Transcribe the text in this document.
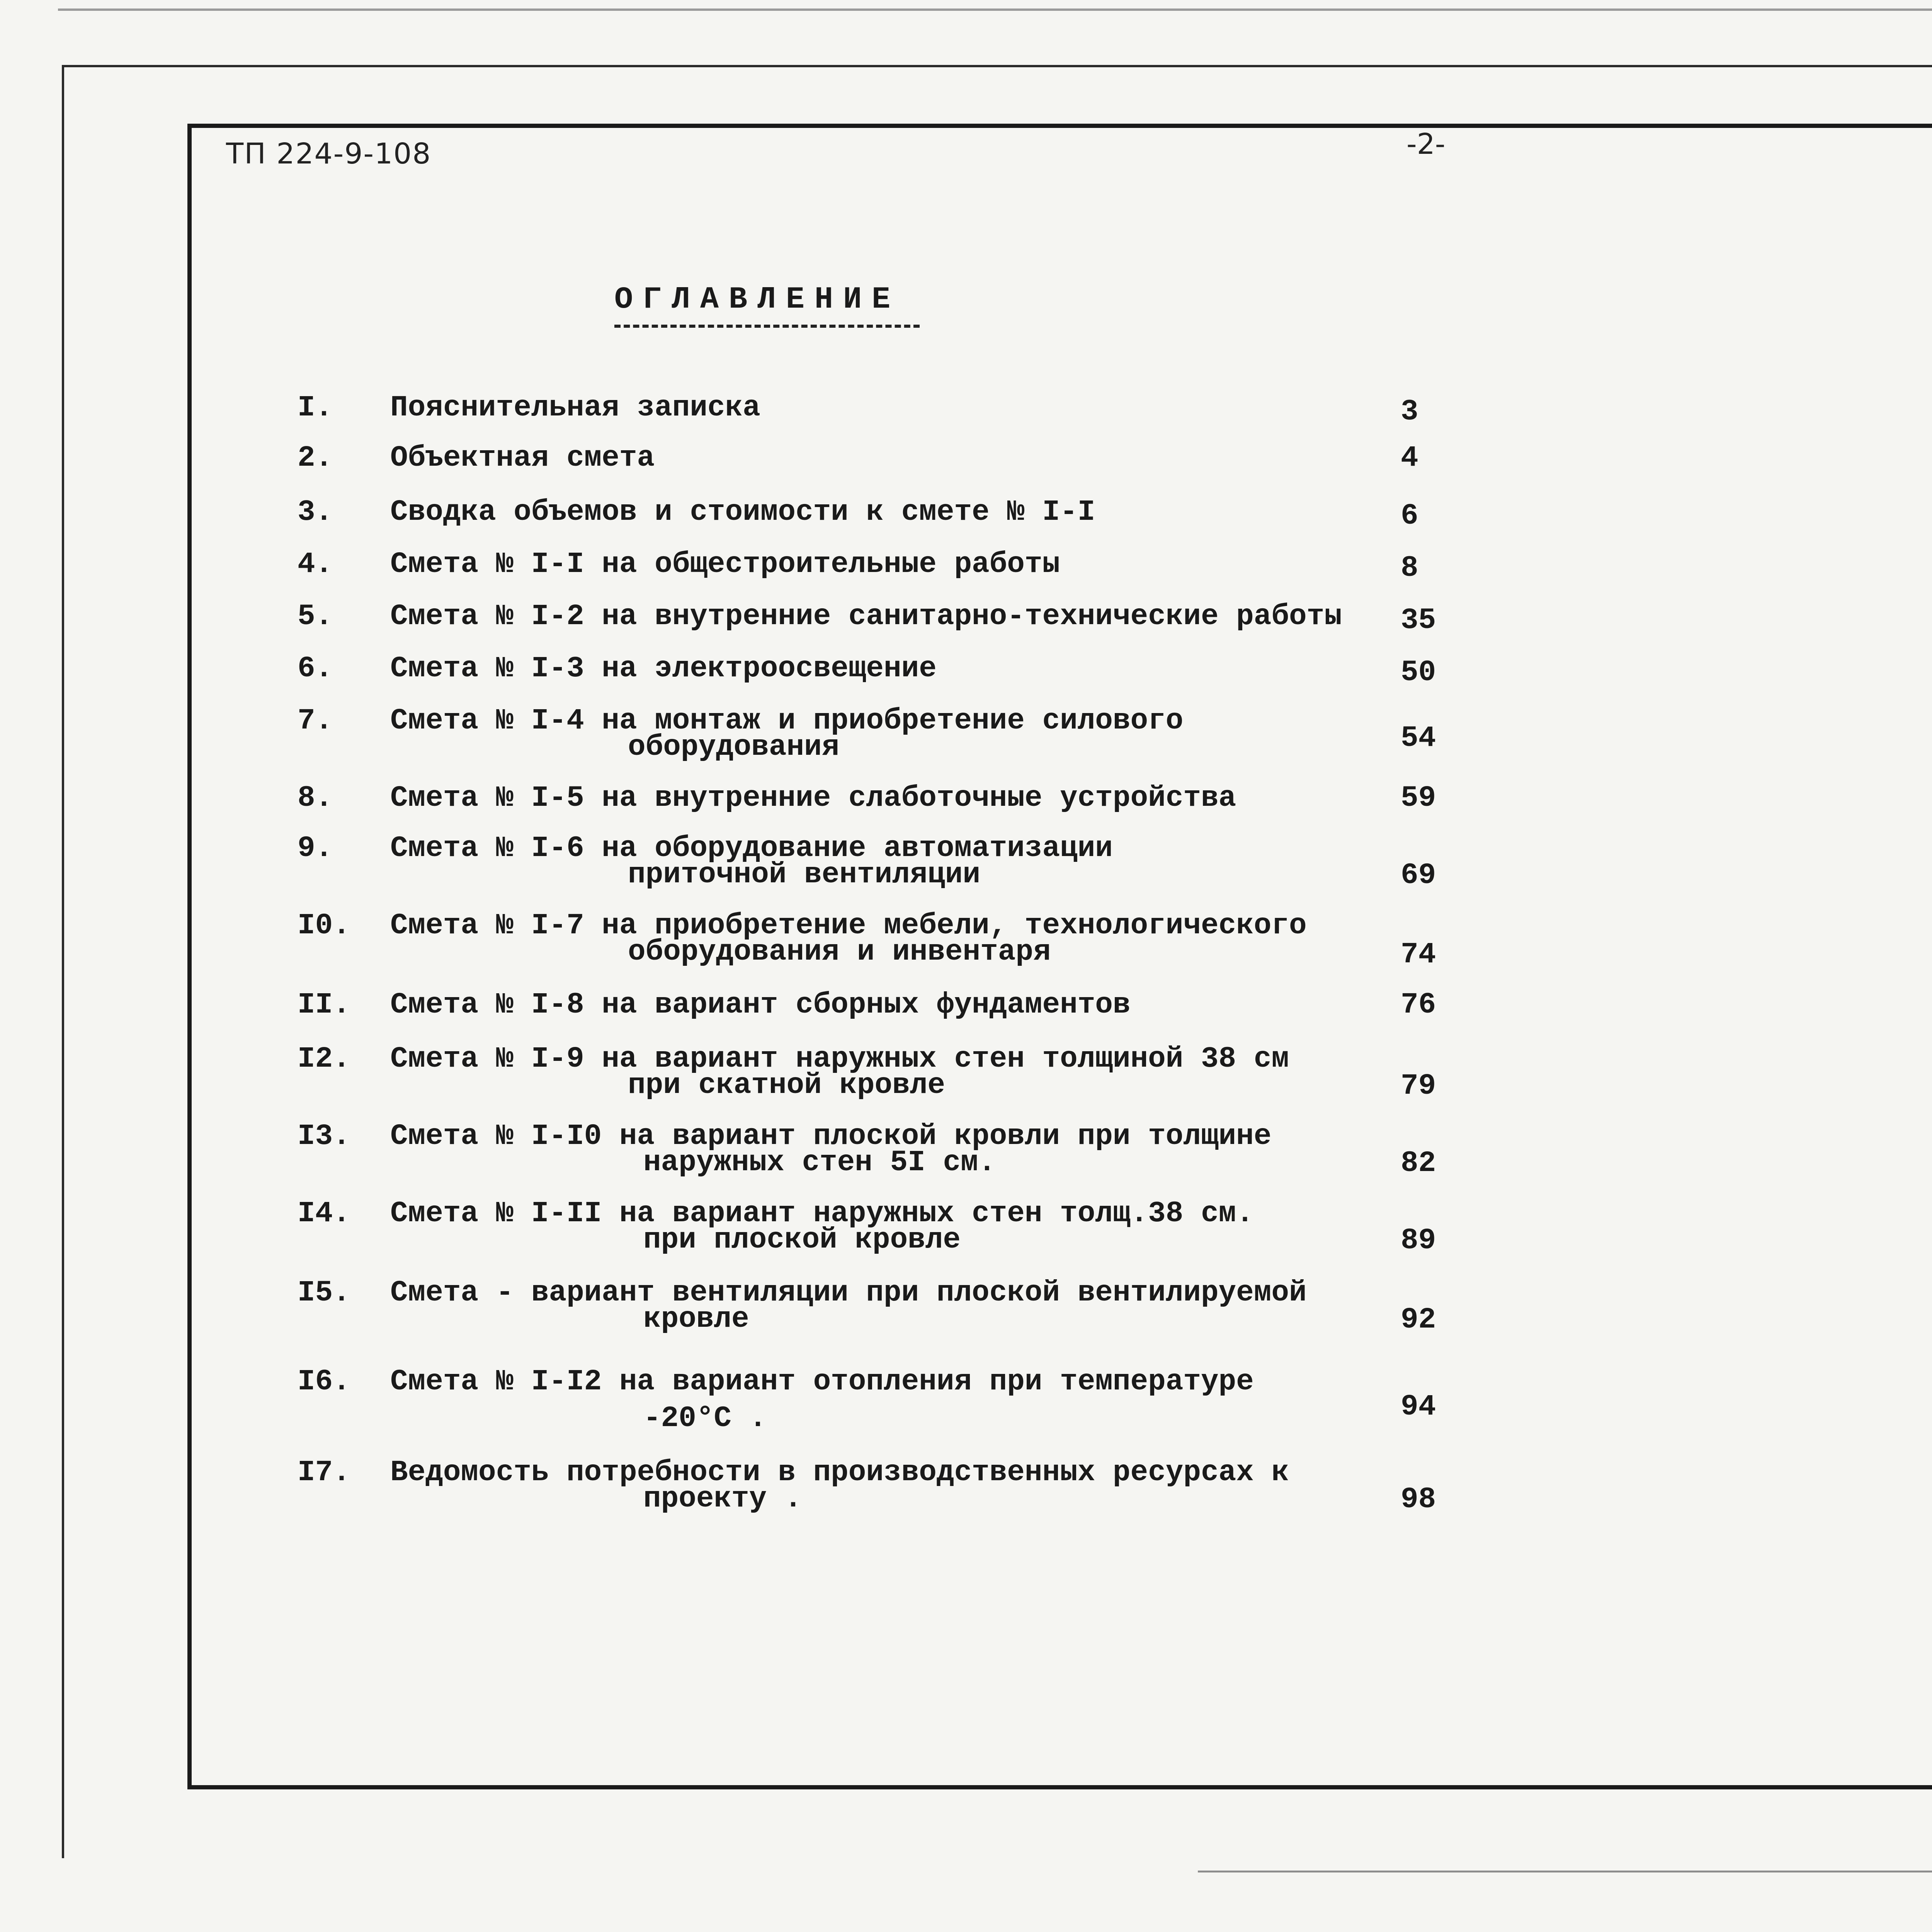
ТП 224-9-108	-2-
ОГЛАВЛЕНИЕ
I. Пояснительная записка	3
2. Объектная смета	4
3. Сводка объемов и стоимости к смете № I-I	6
4. Смета № I-I на общестроительные работы	8
5. Смета № I-2 на внутренние санитарно-технические работы 35
6. Смета № I-3 на электроосвещение	50
7. Смета № I-4 на монтаж и приобретение силового
оборудования	54
8. Смета № I-5 на внутренние слаботочные устройства	59
9. Смета № I-6 на оборудование автоматизации
приточной вентиляции	69
I0. Смета № I-7 на приобретение мебели, технологического
оборудования и инвентаря	74
II. Смета № I-8 на вариант сборных фундаментов	76
I2. Смета № I-9 на вариант наружных стен толщиной 38 см
при скатной кровле	79
I3. Смета № I-I0 на вариант плоской кровли при толщине
наружных стен 5I см.	82
I4. Смета № I-II на вариант наружных стен толщ.38 см.
при плоской кровле	89
I5. Смета - вариант вентиляции при плоской вентилируемой
кровле	92
I6. Смета № I-I2 на вариант отопления при температуре
-20°С .	94
I7. Ведомость потребности в производственных ресурсах к
проекту .	98
